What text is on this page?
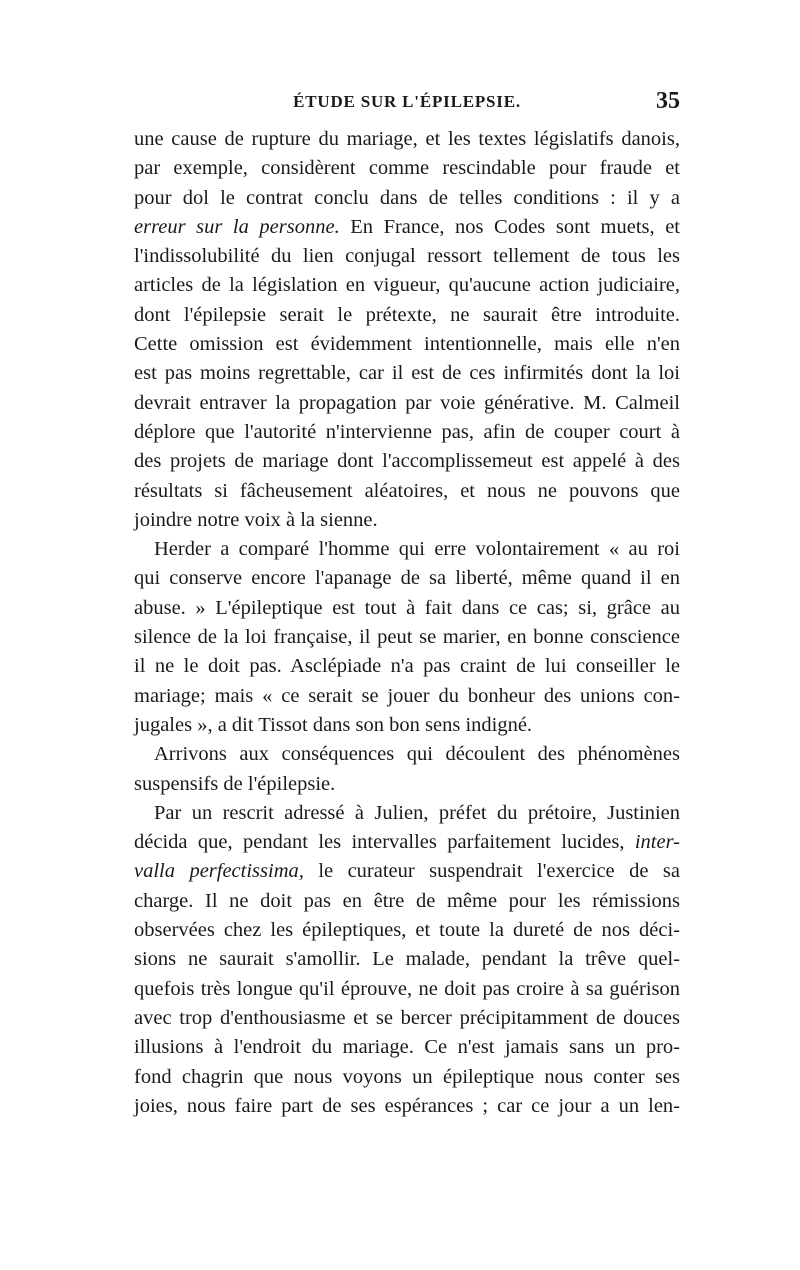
ÉTUDE SUR L'ÉPILEPSIE.	35
une cause de rupture du mariage, et les textes législatifs danois,
par exemple, considèrent comme rescindable pour fraude et
pour dol le contrat conclu dans de telles conditions : il y a
erreur sur la personne. En France, nos Codes sont muets, et
l'indissolubilité du lien conjugal ressort tellement de tous les
articles de la législation en vigueur, qu'aucune action judiciaire,
dont l'épilepsie serait le prétexte, ne saurait être introduite.
Cette omission est évidemment intentionnelle, mais elle n'en
est pas moins regrettable, car il est de ces infirmités dont la loi
devrait entraver la propagation par voie générative. M. Calmeil
déplore que l'autorité n'intervienne pas, afin de couper court à
des projets de mariage dont l'accomplissemeut est appelé à des
résultats si fâcheusement aléatoires, et nous ne pouvons que
joindre notre voix à la sienne.
Herder a comparé l'homme qui erre volontairement « au roi
qui conserve encore l'apanage de sa liberté, même quand il en
abuse. » L'épileptique est tout à fait dans ce cas; si, grâce au
silence de la loi française, il peut se marier, en bonne conscience
il ne le doit pas. Asclépiade n'a pas craint de lui conseiller le
mariage; mais « ce serait se jouer du bonheur des unions con-
jugales », a dit Tissot dans son bon sens indigné.
Arrivons aux conséquences qui découlent des phénomènes
suspensifs de l'épilepsie.
Par un rescrit adressé à Julien, préfet du prétoire, Justinien
décida que, pendant les intervalles parfaitement lucides, inter-
valla perfectissima, le curateur suspendrait l'exercice de sa
charge. Il ne doit pas en être de même pour les rémissions
observées chez les épileptiques, et toute la dureté de nos déci-
sions ne saurait s'amollir. Le malade, pendant la trêve quel-
quefois très longue qu'il éprouve, ne doit pas croire à sa guérison
avec trop d'enthousiasme et se bercer précipitamment de douces
illusions à l'endroit du mariage. Ce n'est jamais sans un pro-
fond chagrin que nous voyons un épileptique nous conter ses
joies, nous faire part de ses espérances ; car ce jour a un len-
